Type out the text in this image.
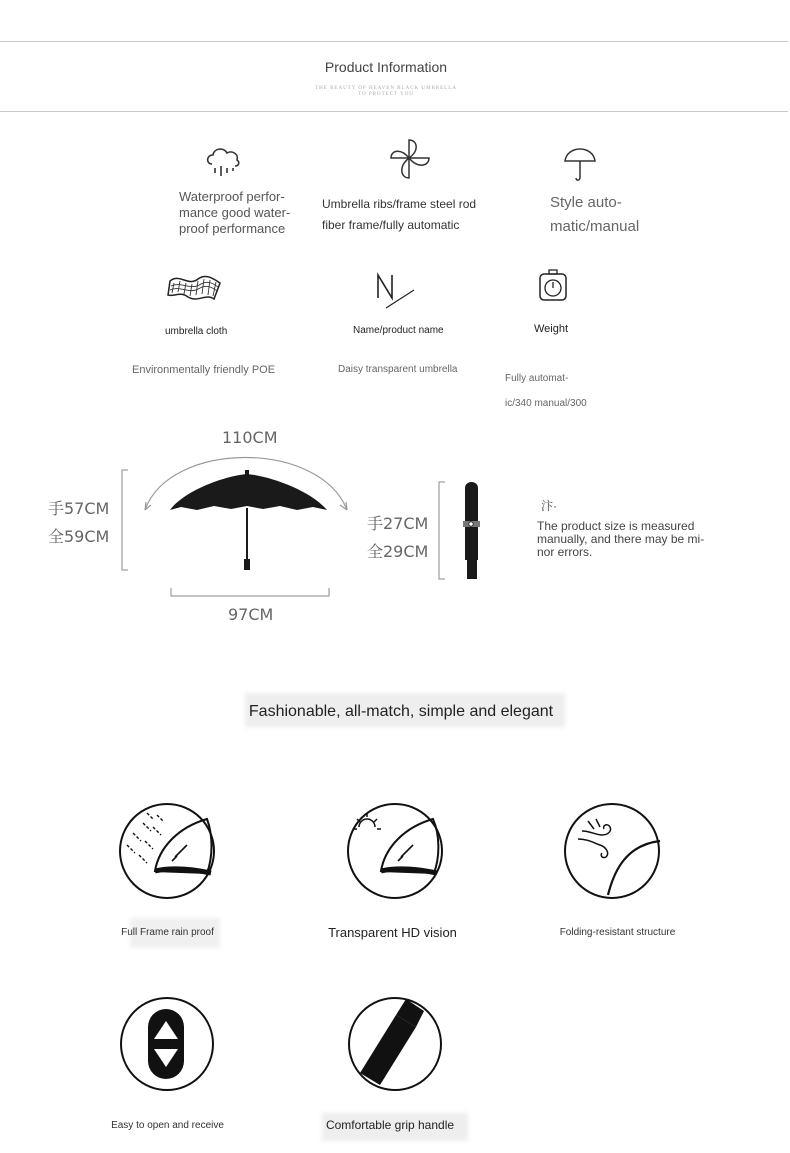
Product Information
THE BEAUTY OF HEAVEN BLACK UMBRELLA
TO PROTECT YOU
Waterproof perfor-
mance good water-
proof performance
Umbrella ribs/frame steel rod
fiber frame/fully automatic
Style auto-
matic/manual
umbrella cloth	Name/product name	Weight
Environmentally friendly POE	Daisy transparent umbrella
Fully automat-
ic/340 manual/300
110CM
97CM
手57CM
全59CM
手27CM
全29CM
汴·
The product size is measured
manually, and there may be mi-
nor errors.
Fashionable, all-match, simple and elegant
Full Frame rain proof	Transparent HD vision	Folding-resistant structure
Easy to open and receive	Comfortable grip handle
